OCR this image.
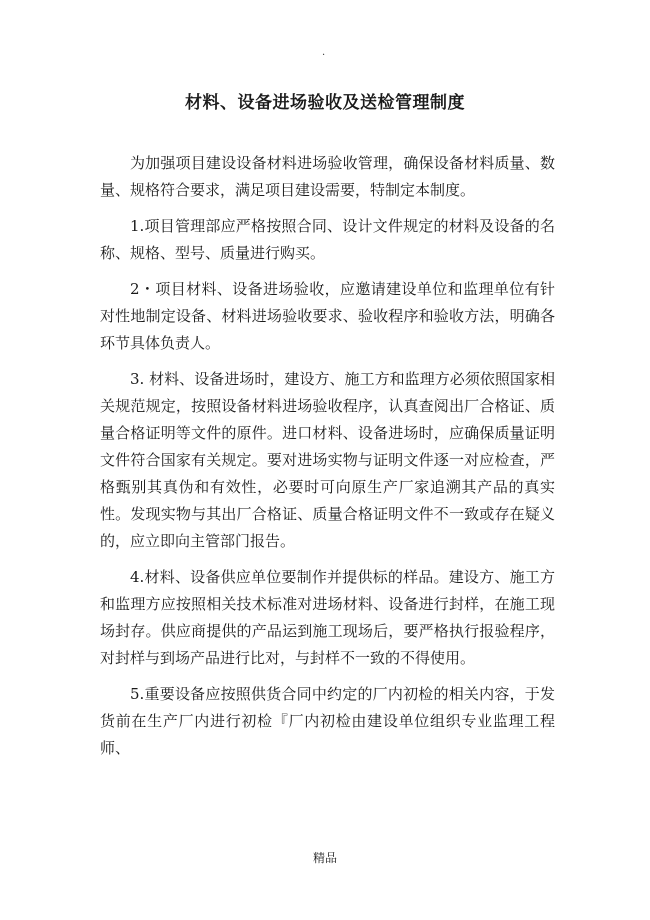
.
材料、设备进场验收及送检管理制度

为加强项目建设设备材料进场验收管理，确保设备材料质量、数量、规格符合要求，满足项目建设需要，特制定本制度。

1.项目管理部应严格按照合同、设计文件规定的材料及设备的名称、规格、型号、质量进行购买。

2・项目材料、设备进场验收，应邀请建设单位和监理单位有针对性地制定设备、材料进场验收要求、验收程序和验收方法，明确各环节具体负责人。

3. 材料、设备进场时，建设方、施工方和监理方必须依照国家相关规范规定，按照设备材料进场验收程序，认真查阅出厂合格证、质量合格证明等文件的原件。进口材料、设备进场时，应确保质量证明文件符合国家有关规定。要对进场实物与证明文件逐一对应检查，严格甄别其真伪和有效性，必要时可向原生产厂家追溯其产品的真实性。发现实物与其出厂合格证、质量合格证明文件不一致或存在疑义的，应立即向主管部门报告。

4.材料、设备供应单位要制作并提供标的样品。建设方、施工方和监理方应按照相关技术标准对进场材料、设备进行封样，在施工现场封存。供应商提供的产品运到施工现场后，要严格执行报验程序，对封样与到场产品进行比对，与封样不一致的不得使用。

5.重要设备应按照供货合同中约定的厂内初检的相关内容，于发货前在生产厂内进行初检『厂内初检由建设单位组织专业监理工程师、

精品
